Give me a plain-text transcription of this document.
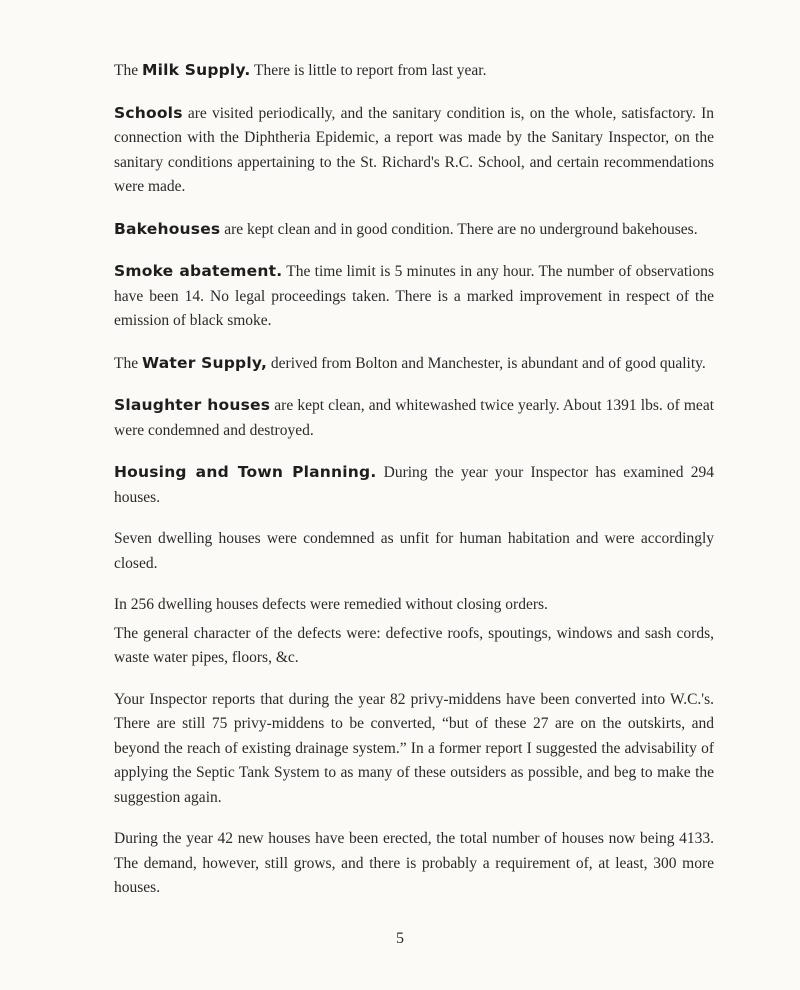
The Milk Supply. There is little to report from last year.

Schools are visited periodically, and the sanitary condition is, on the whole, satisfactory. In connection with the Diphtheria Epidemic, a report was made by the Sanitary Inspector, on the sanitary conditions appertaining to the St. Richard's R.C. School, and certain recommendations were made.

Bakehouses are kept clean and in good condition. There are no underground bakehouses.

Smoke abatement. The time limit is 5 minutes in any hour. The number of observations have been 14. No legal proceedings taken. There is a marked improvement in respect of the emission of black smoke.

The Water Supply, derived from Bolton and Manchester, is abundant and of good quality.

Slaughter houses are kept clean, and whitewashed twice yearly. About 1391 lbs. of meat were condemned and destroyed.

Housing and Town Planning. During the year your Inspector has examined 294 houses.

Seven dwelling houses were condemned as unfit for human habitation and were accordingly closed.

In 256 dwelling houses defects were remedied without closing orders.

The general character of the defects were: defective roofs, spoutings, windows and sash cords, waste water pipes, floors, &c.

Your Inspector reports that during the year 82 privy-middens have been converted into W.C.'s. There are still 75 privy-middens to be converted, “but of these 27 are on the outskirts, and beyond the reach of existing drainage system.” In a former report I suggested the advisability of applying the Septic Tank System to as many of these outsiders as possible, and beg to make the suggestion again.

During the year 42 new houses have been erected, the total number of houses now being 4133. The demand, however, still grows, and there is probably a requirement of, at least, 300 more houses.

5
